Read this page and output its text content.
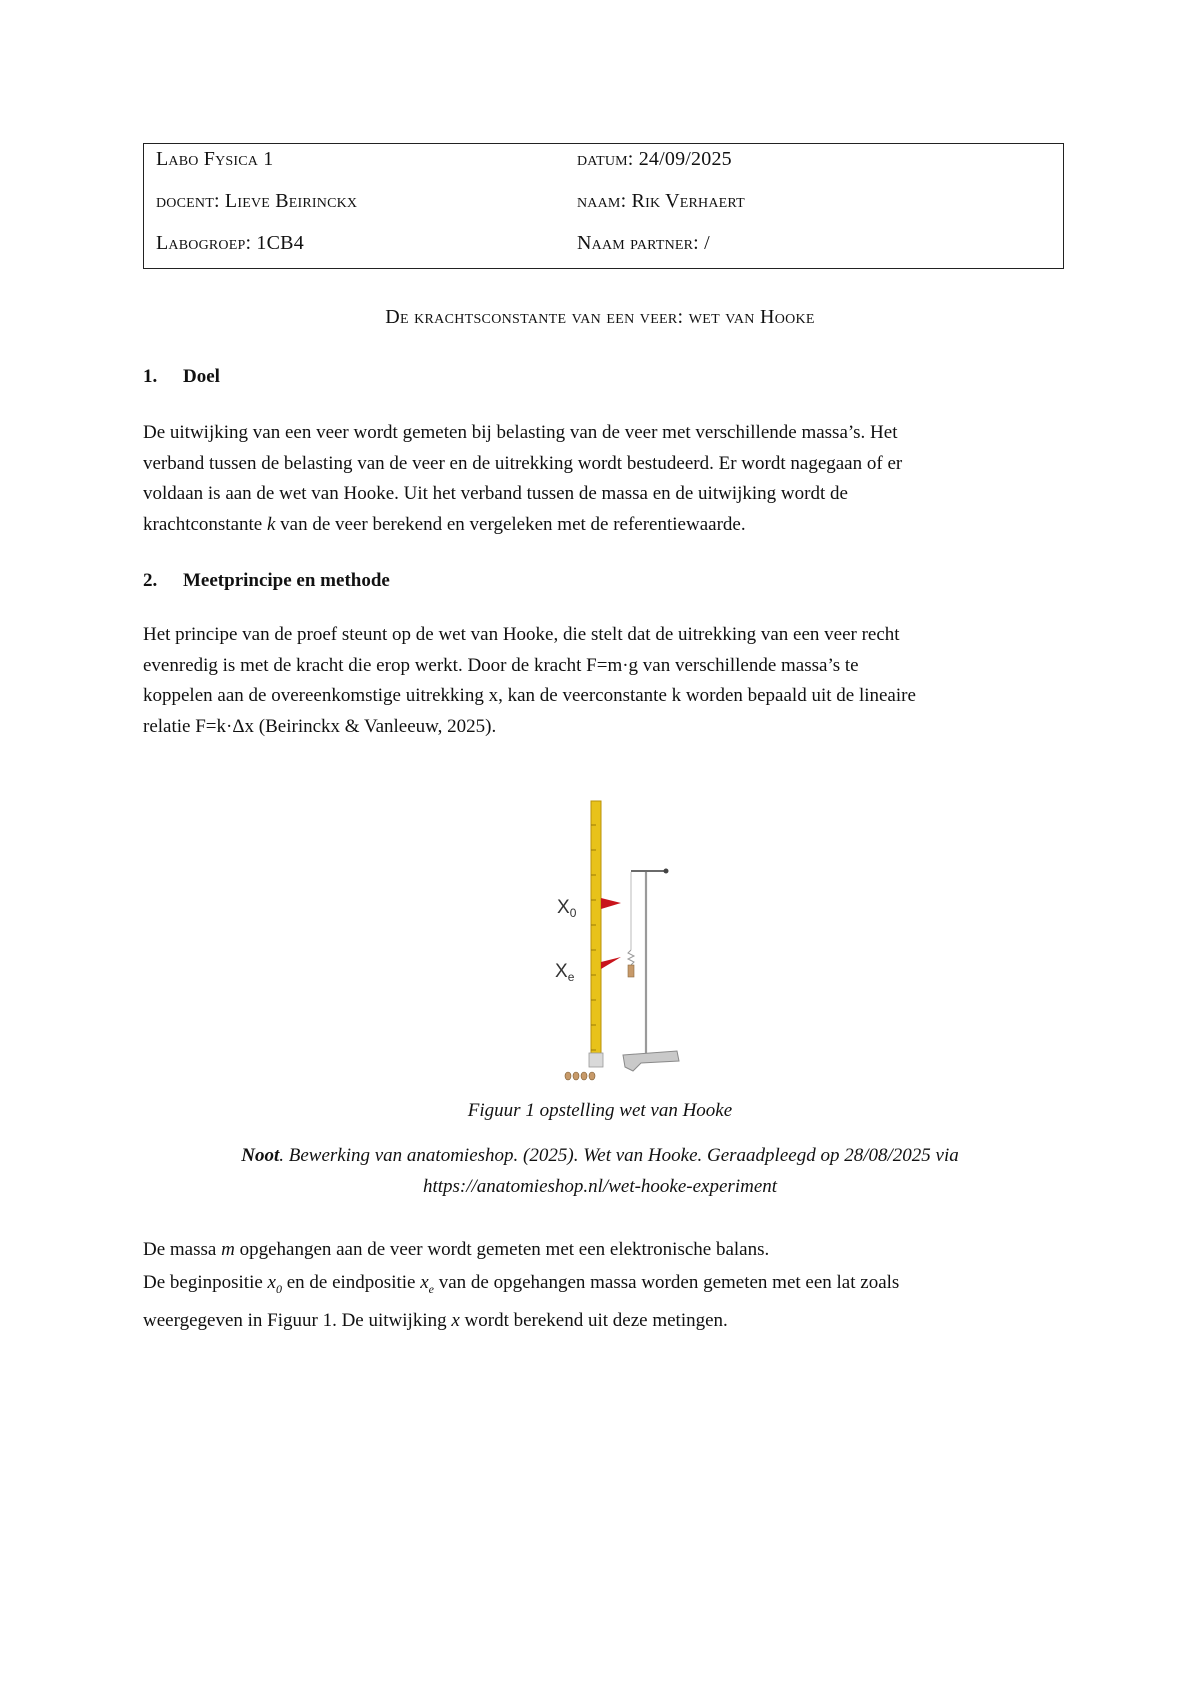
Labo Fysica 1	datum: 24/09/2025
docent: Lieve Beirinckx	naam: Rik Verhaert
Labogroep: 1CB4	Naam partner: /
De krachtsconstante van een veer: wet van Hooke
1. Doel
De uitwijking van een veer wordt gemeten bij belasting van de veer met verschillende massa’s. Het
verband tussen de belasting van de veer en de uitrekking wordt bestudeerd. Er wordt nagegaan of er
voldaan is aan de wet van Hooke. Uit het verband tussen de massa en de uitwijking wordt de
krachtconstante k van de veer berekend en vergeleken met de referentiewaarde.
2. Meetprincipe en methode
Het principe van de proef steunt op de wet van Hooke, die stelt dat de uitrekking van een veer recht
evenredig is met de kracht die erop werkt. Door de kracht F=m·g van verschillende massa’s te
koppelen aan de overeenkomstige uitrekking x, kan de veerconstante k worden bepaald uit de lineaire
relatie F=k·Δx (Beirinckx & Vanleeuw, 2025).
$X_0$
$X_e$
Figuur 1 opstelling wet van Hooke
Noot. Bewerking van anatomieshop. (2025). Wet van Hooke. Geraadpleegd op 28/08/2025 via
https://anatomieshop.nl/wet-hooke-experiment
De massa m opgehangen aan de veer wordt gemeten met een elektronische balans.
De beginpositie $x_0$ en de eindpositie $x_e$ van de opgehangen massa worden gemeten met een lat zoals
weergegeven in Figuur 1. De uitwijking x wordt berekend uit deze metingen.
